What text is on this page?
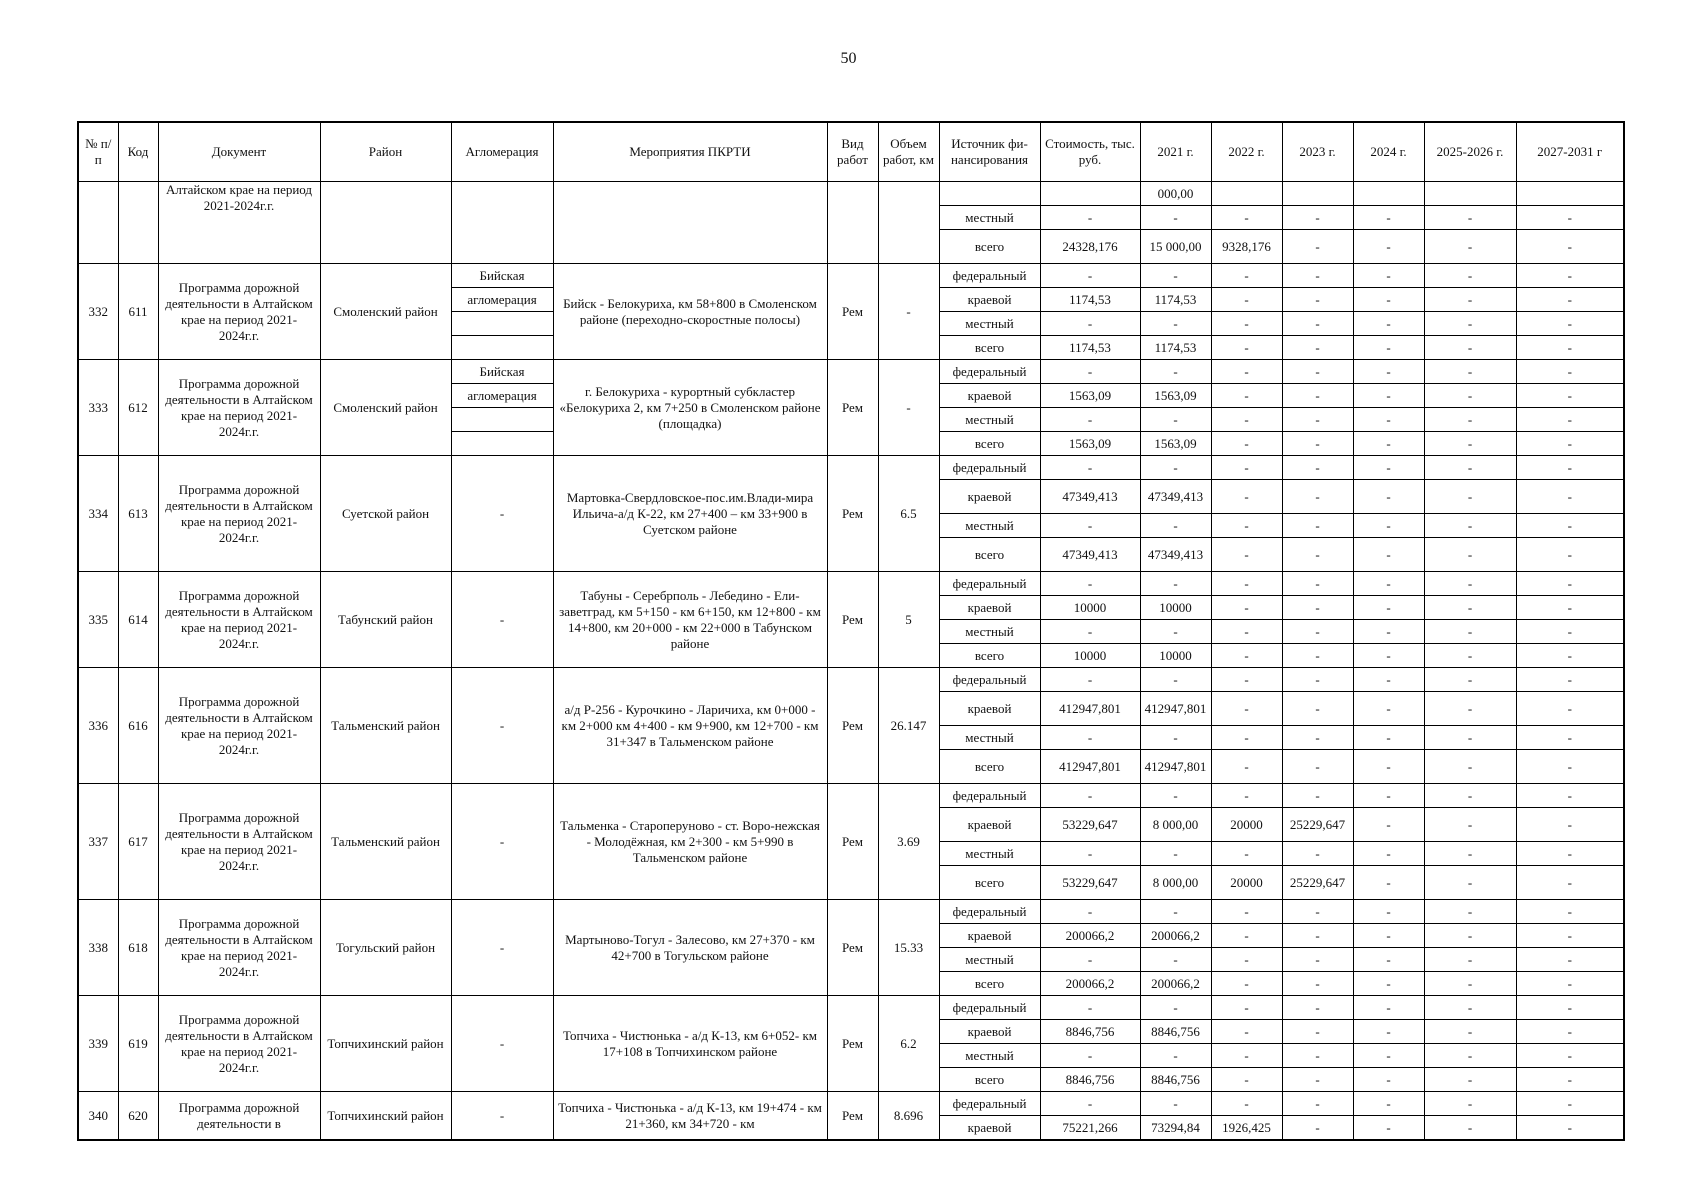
50
№ п/п	Код	Документ	Район	Агломерация	Мероприятия ПКРТИ	Вид работ	Объем работ, км	Источник фи-нансирования	Стоимость, тыс. руб.	2021 г.	2022 г.	2023 г.	2024 г.	2025-2026 г.	2027-2031 г
		Алтайском крае на период 2021-2024г.г.								000,00					
								местный	-	-	-	-	-	-	-
								всего	24328,176	15 000,00	9328,176	-	-	-	-
332	611	Программа дорожной деятельности в Алтайском крае на период 2021-2024г.г.	Смоленский район	Бийская	Бийск - Белокуриха, км 58+800 в Смоленском районе (переходно-скоростные полосы)	Рем	-	федеральный	-	-	-	-	-	-	-
				агломерация				краевой	1174,53	1174,53	-	-	-	-	-
								местный	-	-	-	-	-	-	-
								всего	1174,53	1174,53	-	-	-	-	-
333	612	Программа дорожной деятельности в Алтайском крае на период 2021-2024г.г.	Смоленский район	Бийская	г. Белокуриха - курортный субкластер «Белокуриха 2, км 7+250 в Смоленском районе (площадка)	Рем	-	федеральный	-	-	-	-	-	-	-
				агломерация				краевой	1563,09	1563,09	-	-	-	-	-
								местный	-	-	-	-	-	-	-
								всего	1563,09	1563,09	-	-	-	-	-
334	613	Программа дорожной деятельности в Алтайском крае на период 2021-2024г.г.	Суетской район	-	Мартовка-Свердловское-пос.им.Влади-мира Ильича-а/д К-22, км 27+400 – км 33+900 в Суетском районе	Рем	6.5	федеральный	-	-	-	-	-	-	-
								краевой	47349,413	47349,413	-	-	-	-	-
								местный	-	-	-	-	-	-	-
								всего	47349,413	47349,413	-	-	-	-	-
335	614	Программа дорожной деятельности в Алтайском крае на период 2021-2024г.г.	Табунский район	-	Табуны - Серебрполь - Лебедино - Ели-заветград, км 5+150 - км 6+150, км 12+800 - км 14+800, км 20+000 - км 22+000 в Табунском районе	Рем	5	федеральный	-	-	-	-	-	-	-
								краевой	10000	10000	-	-	-	-	-
								местный	-	-	-	-	-	-	-
								всего	10000	10000	-	-	-	-	-
336	616	Программа дорожной деятельности в Алтайском крае на период 2021-2024г.г.	Тальменский район	-	а/д Р-256 - Курочкино - Ларичиха, км 0+000 - км 2+000 км 4+400 - км 9+900, км 12+700 - км 31+347 в Тальменском районе	Рем	26.147	федеральный	-	-	-	-	-	-	-
								краевой	412947,801	412947,801	-	-	-	-	-
								местный	-	-	-	-	-	-	-
								всего	412947,801	412947,801	-	-	-	-	-
337	617	Программа дорожной деятельности в Алтайском крае на период 2021-2024г.г.	Тальменский район	-	Тальменка - Староперунoво - ст. Воро-нежская - Молодёжная, км 2+300 - км 5+990 в Тальменском районе	Рем	3.69	федеральный	-	-	-	-	-	-	-
								краевой	53229,647	8 000,00	20000	25229,647	-	-	-
								местный	-	-	-	-	-	-	-
								всего	53229,647	8 000,00	20000	25229,647	-	-	-
338	618	Программа дорожной деятельности в Алтайском крае на период 2021-2024г.г.	Тогульский район	-	Мартыново-Тогул - Залесово, км 27+370 - км 42+700 в Тогульском районе	Рем	15.33	федеральный	-	-	-	-	-	-	-
								краевой	200066,2	200066,2	-	-	-	-	-
								местный	-	-	-	-	-	-	-
								всего	200066,2	200066,2	-	-	-	-	-
339	619	Программа дорожной деятельности в Алтайском крае на период 2021-2024г.г.	Топчихинский район	-	Топчиха - Чистюнька - а/д К-13, км 6+052- км 17+108 в Топчихинском районе	Рем	6.2	федеральный	-	-	-	-	-	-	-
								краевой	8846,756	8846,756	-	-	-	-	-
								местный	-	-	-	-	-	-	-
								всего	8846,756	8846,756	-	-	-	-	-
340	620	Программа дорожной деятельности в	Топчихинский район	-	Топчиха - Чистюнька - а/д К-13, км 19+474 - км 21+360, км 34+720 - км	Рем	8.696	федеральный	-	-	-	-	-	-	-
								краевой	75221,266	73294,84	1926,425	-	-	-	-
